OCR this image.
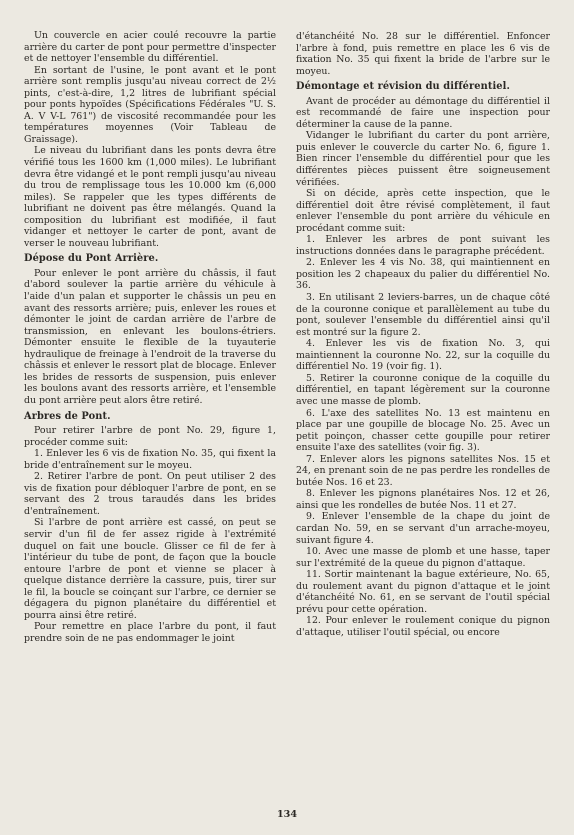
Un couvercle en acier coulé recouvre la partie arrière du carter de pont pour permettre d'inspecter et de nettoyer l'ensemble du différentiel.

En sortant de l'usine, le pont avant et le pont arrière sont remplis jusqu'au niveau correct de 2½ pints, c'est-à-dire, 1,2 litres de lubrifiant spécial pour ponts hypoïdes (Spécifications Fédérales "U. S. A. V V-L 761") de viscosité recommandée pour les températures moyennes (Voir Tableau de Graissage).

Le niveau du lubrifiant dans les ponts devra être vérifié tous les 1600 km (1,000 miles). Le lubrifiant devra être vidangé et le pont rempli jusqu'au niveau du trou de remplissage tous les 10.000 km (6,000 miles). Se rappeler que les types différents de lubrifiant ne doivent pas être mélangés. Quand la composition du lubrifiant est modifiée, il faut vidanger et nettoyer le carter de pont, avant de verser le nouveau lubrifiant.

Dépose du Pont Arrière.

Pour enlever le pont arrière du châssis, il faut d'abord soulever la partie arrière du véhicule à l'aide d'un palan et supporter le châssis un peu en avant des ressorts arrière; puis, enlever les roues et démonter le joint de cardan arrière de l'arbre de transmission, en enlevant les boulons-étriers. Démonter ensuite le flexible de la tuyauterie hydraulique de freinage à l'endroit de la traverse du châssis et enlever le ressort plat de blocage. Enlever les brides de ressorts de suspension, puis enlever les boulons avant des ressorts arrière, et l'ensemble du pont arrière peut alors être retiré.

Arbres de Pont.

Pour retirer l'arbre de pont No. 29, figure 1, procéder comme suit:

1. Enlever les 6 vis de fixation No. 35, qui fixent la bride d'entraînement sur le moyeu.

2. Retirer l'arbre de pont. On peut utiliser 2 des vis de fixation pour débloquer l'arbre de pont, en se servant des 2 trous taraudés dans les brides d'entraînement.

Si l'arbre de pont arrière est cassé, on peut se servir d'un fil de fer assez rigide à l'extrémité duquel on fait une boucle. Glisser ce fil de fer à l'intérieur du tube de pont, de façon que la boucle entoure l'arbre de pont et vienne se placer à quelque distance derrière la cassure, puis, tirer sur le fil, la boucle se coinçant sur l'arbre, ce dernier se dégagera du pignon planétaire du différentiel et pourra ainsi être retiré.

Pour remettre en place l'arbre du pont, il faut prendre soin de ne pas endommager le joint

d'étanchéité No. 28 sur le différentiel. Enfoncer l'arbre à fond, puis remettre en place les 6 vis de fixation No. 35 qui fixent la bride de l'arbre sur le moyeu.

Démontage et révision du différentiel.

Avant de procéder au démontage du différentiel il est recommandé de faire une inspection pour déterminer la cause de la panne.

Vidanger le lubrifiant du carter du pont arrière, puis enlever le couvercle du carter No. 6, figure 1. Bien rincer l'ensemble du différentiel pour que les différentes pièces puissent être soigneusement vérifiées.

Si on décide, après cette inspection, que le différentiel doit être révisé complètement, il faut enlever l'ensemble du pont arrière du véhicule en procédant comme suit:

1. Enlever les arbres de pont suivant les instructions données dans le paragraphe précédent.

2. Enlever les 4 vis No. 38, qui maintiennent en position les 2 chapeaux du palier du différentiel No. 36.

3. En utilisant 2 leviers-barres, un de chaque côté de la couronne conique et parallèlement au tube du pont, soulever l'ensemble du différentiel ainsi qu'il est montré sur la figure 2.

4. Enlever les vis de fixation No. 3, qui maintiennent la couronne No. 22, sur la coquille du différentiel No. 19 (voir fig. 1).

5. Retirer la couronne conique de la coquille du différentiel, en tapant légèrement sur la couronne avec une masse de plomb.

6. L'axe des satellites No. 13 est maintenu en place par une goupille de blocage No. 25. Avec un petit poinçon, chasser cette goupille pour retirer ensuite l'axe des satellites (voir fig. 3).

7. Enlever alors les pignons satellites Nos. 15 et 24, en prenant soin de ne pas perdre les rondelles de butée Nos. 16 et 23.

8. Enlever les pignons planétaires Nos. 12 et 26, ainsi que les rondelles de butée Nos. 11 et 27.

9. Enlever l'ensemble de la chape du joint de cardan No. 59, en se servant d'un arrache-moyeu, suivant figure 4.

10. Avec une masse de plomb et une hasse, taper sur l'extrémité de la queue du pignon d'attaque.

11. Sortir maintenant la bague extérieure, No. 65, du roulement avant du pignon d'attaque et le joint d'étanchéité No. 61, en se servant de l'outil spécial prévu pour cette opération.

12. Pour enlever le roulement conique du pignon d'attaque, utiliser l'outil spécial, ou encore

134
